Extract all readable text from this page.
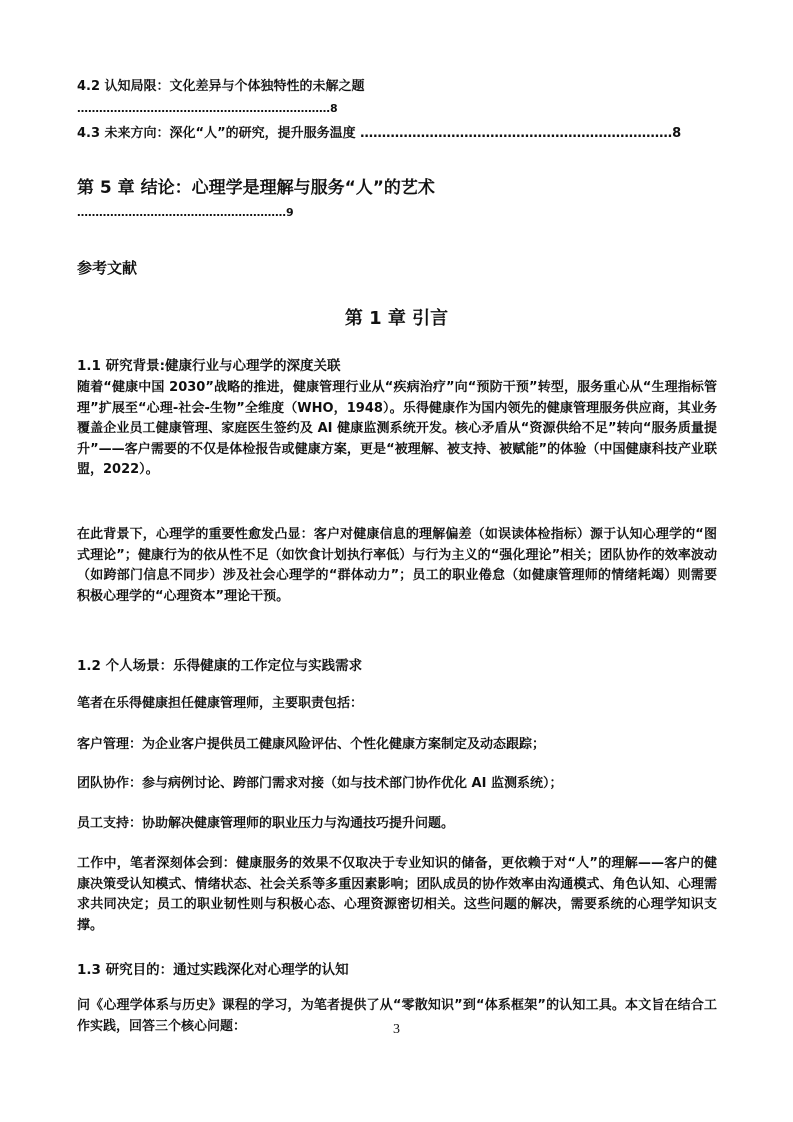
4.2 认知局限：文化差异与个体独特性的未解之题

……………………………………………………………8

4.3 未来方向：深化“人”的研究，提升服务温度 ………………………………………………………………8

第 5 章 结论：心理学是理解与服务“人”的艺术

…………………………………………………9

参考文献

第 1 章 引言
1.1 研究背景:健康行业与心理学的深度关联

随着“健康中国 2030”战略的推进，健康管理行业从“疾病治疗”向“预防干预”转型，服务重心从“生理指标管理”扩展至“心理-社会-生物”全维度（WHO，1948）。乐得健康作为国内领先的健康管理服务供应商，其业务覆盖企业员工健康管理、家庭医生签约及 AI 健康监测系统开发。核心矛盾从“资源供给不足”转向“服务质量提升”——客户需要的不仅是体检报告或健康方案，更是“被理解、被支持、被赋能”的体验（中国健康科技产业联盟，2022）。

在此背景下，心理学的重要性愈发凸显：客户对健康信息的理解偏差（如误读体检指标）源于认知心理学的“图式理论”；健康行为的依从性不足（如饮食计划执行率低）与行为主义的“强化理论”相关；团队协作的效率波动（如跨部门信息不同步）涉及社会心理学的“群体动力”；员工的职业倦怠（如健康管理师的情绪耗竭）则需要积极心理学的“心理资本”理论干预。

1.2 个人场景：乐得健康的工作定位与实践需求

笔者在乐得健康担任健康管理师，主要职责包括：

客户管理：为企业客户提供员工健康风险评估、个性化健康方案制定及动态跟踪；

团队协作：参与病例讨论、跨部门需求对接（如与技术部门协作优化 AI 监测系统）；

员工支持：协助解决健康管理师的职业压力与沟通技巧提升问题。

工作中，笔者深刻体会到：健康服务的效果不仅取决于专业知识的储备，更依赖于对“人”的理解——客户的健康决策受认知模式、情绪状态、社会关系等多重因素影响；团队成员的协作效率由沟通模式、角色认知、心理需求共同决定；员工的职业韧性则与积极心态、心理资源密切相关。这些问题的解决，需要系统的心理学知识支撑。

1.3 研究目的：通过实践深化对心理学的认知

问《心理学体系与历史》课程的学习，为笔者提供了从“零散知识”到“体系框架”的认知工具。本文旨在结合工作实践，回答三个核心问题：	3
